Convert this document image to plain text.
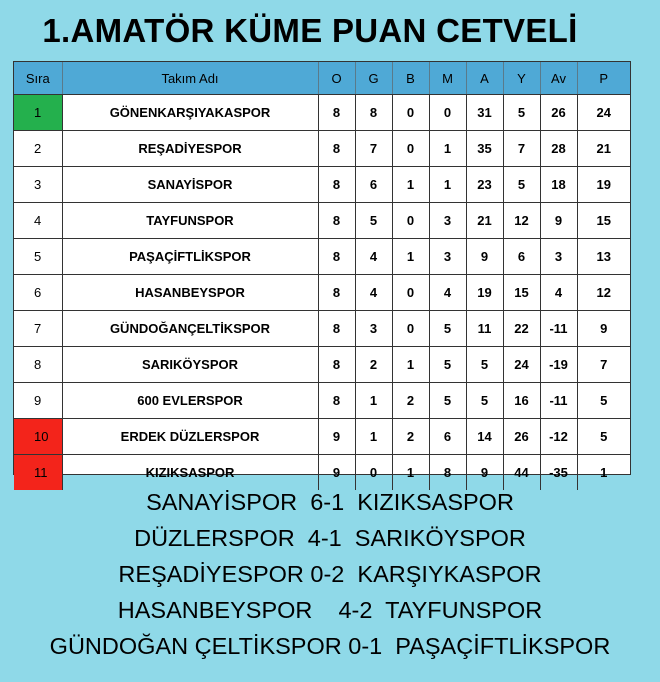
1.AMATÖR KÜME PUAN CETVELİ
Sıra	Takım Adı	O	G	B	M	A	Y	Av	P
1	GÖNENKARŞIYAKASPOR	8	8	0	0	31	5	26	24
2	REŞADİYESPOR	8	7	0	1	35	7	28	21
3	SANAYİSPOR	8	6	1	1	23	5	18	19
4	TAYFUNSPOR	8	5	0	3	21	12	9	15
5	PAŞAÇİFTLİKSPOR	8	4	1	3	9	6	3	13
6	HASANBEYSPOR	8	4	0	4	19	15	4	12
7	GÜNDOĞANÇELTİKSPOR	8	3	0	5	11	22	-11	9
8	SARIKÖYSPOR	8	2	1	5	5	24	-19	7
9	600 EVLERSPOR	8	1	2	5	5	16	-11	5
10	ERDEK DÜZLERSPOR	9	1	2	6	14	26	-12	5
11	KIZIKSASPOR	9	0	1	8	9	44	-35	1
SANAYİSPOR  6-1  KIZIKSASPOR
DÜZLERSPOR  4-1  SARIKÖYSPOR
REŞADİYESPOR 0-2  KARŞIYKASPOR
HASANBEYSPOR    4-2  TAYFUNSPOR
GÜNDOĞAN ÇELTİKSPOR 0-1  PAŞAÇİFTLİKSPOR
